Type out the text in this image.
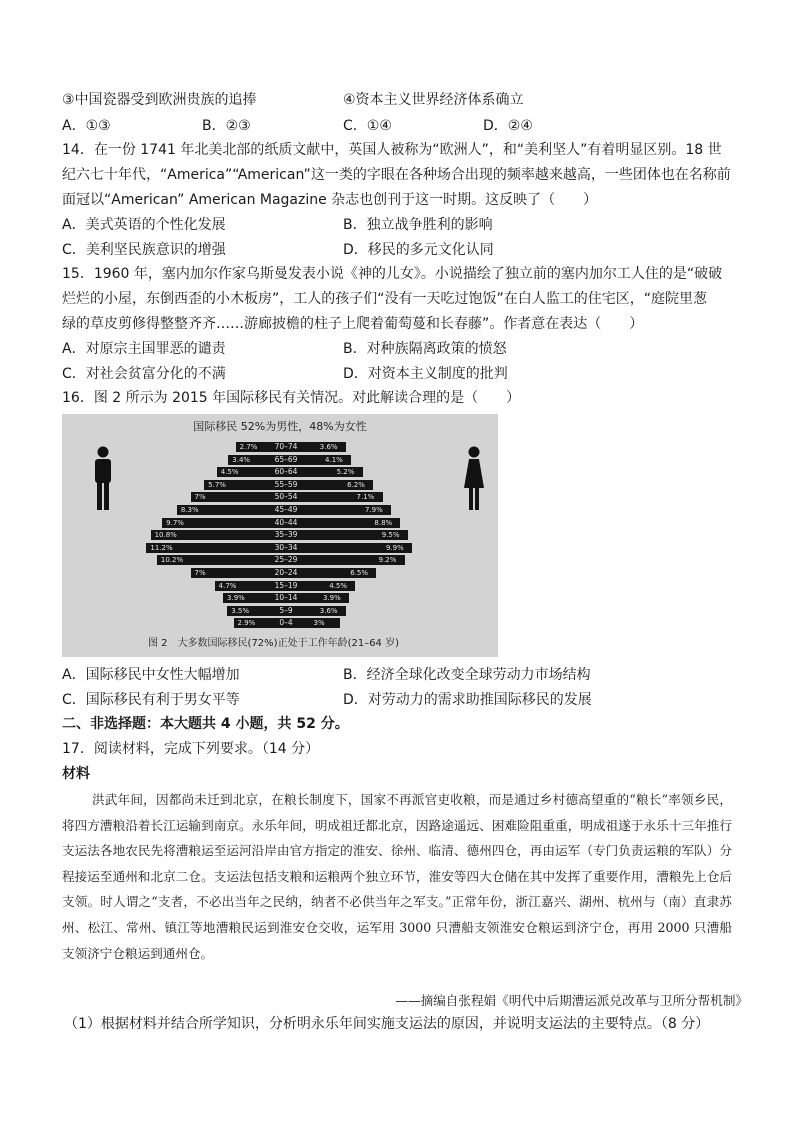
③中国瓷器受到欧洲贵族的追捧	④资本主义世界经济体系确立
A．①③	B．②③	C．①④	D．②④
14．在一份 1741 年北美北部的纸质文献中，英国人被称为“欧洲人”，和“美利坚人”有着明显区别。18 世
纪六七十年代，“America”“American”这一类的字眼在各种场合出现的频率越来越高，一些团体也在名称前
面冠以“American” American Magazine 杂志也创刊于这一时期。这反映了（　　）
A．美式英语的个性化发展	B．独立战争胜利的影响
C．美利坚民族意识的增强	D．移民的多元文化认同
15．1960 年，塞内加尔作家乌斯曼发表小说《神的儿女》。小说描绘了独立前的塞内加尔工人住的是“破破
烂烂的小屋，东倒西歪的小木板房”，工人的孩子们“没有一天吃过饱饭”在白人监工的住宅区，“庭院里葱
绿的草皮剪修得整整齐齐……游廊披檐的柱子上爬着葡萄蔓和长春藤”。作者意在表达（　　）
A．对原宗主国罪恶的谴责	B．对种族隔离政策的愤怒
C．对社会贫富分化的不满	D．对资本主义制度的批判
16．图 2 所示为 2015 年国际移民有关情况。对此解读合理的是（　　）
国际移民 52%为男性，48%为女性
70–74
2.7%	3.6%
65–69
3.4%	4.1%
60–64
4.5%	5.2%
55–59
5.7%	6.2%
50–54
7%	7.1%
45–49
8.3%	7.9%
40–44
9.7%	8.8%
35–39
10.8%	9.5%
30–34
11.2%	9.9%
25–29
10.2%	9.2%
20–24
7%	6.5%
15–19
4.7%	4.5%
10–14
3.9%	3.9%
5–9
3.5%	3.6%
0–4
2.9%	3%
图 2　大多数国际移民(72%)正处于工作年龄(21–64 岁)
A．国际移民中女性大幅增加	B．经济全球化改变全球劳动力市场结构
C．国际移民有利于男女平等	D．对劳动力的需求助推国际移民的发展
二、非选择题：本大题共 4 小题，共 52 分。
17．阅读材料，完成下列要求。（14 分）
材料
洪武年间，因都尚未迁到北京，在粮长制度下，国家不再派官吏收粮，而是通过乡村德高望重的“粮长”率领乡民，将四方漕粮沿着长江运输到南京。永乐年间，明成祖迁都北京，因路途遥远、困难险阻重重，明成祖遂于永乐十三年推行支运法各地农民先将漕粮运至运河沿岸由官方指定的淮安、徐州、临清、德州四仓，再由运军（专门负责运粮的军队）分程接运至通州和北京二仓。支运法包括支粮和运粮两个独立环节，淮安等四大仓储在其中发挥了重要作用，漕粮先上仓后支领。时人谓之“支者，不必出当年之民纳，纳者不必供当年之军支。”正常年份，浙江嘉兴、湖州、杭州与（南）直隶苏州、松江、常州、镇江等地漕粮民运到淮安仓交收，运军用 3000 只漕船支领淮安仓粮运到济宁仓，再用 2000 只漕船支领济宁仓粮运到通州仓。
——摘编自张程娟《明代中后期漕运派兑改革与卫所分帮机制》
（1）根据材料并结合所学知识，分析明永乐年间实施支运法的原因，并说明支运法的主要特点。（8 分）
